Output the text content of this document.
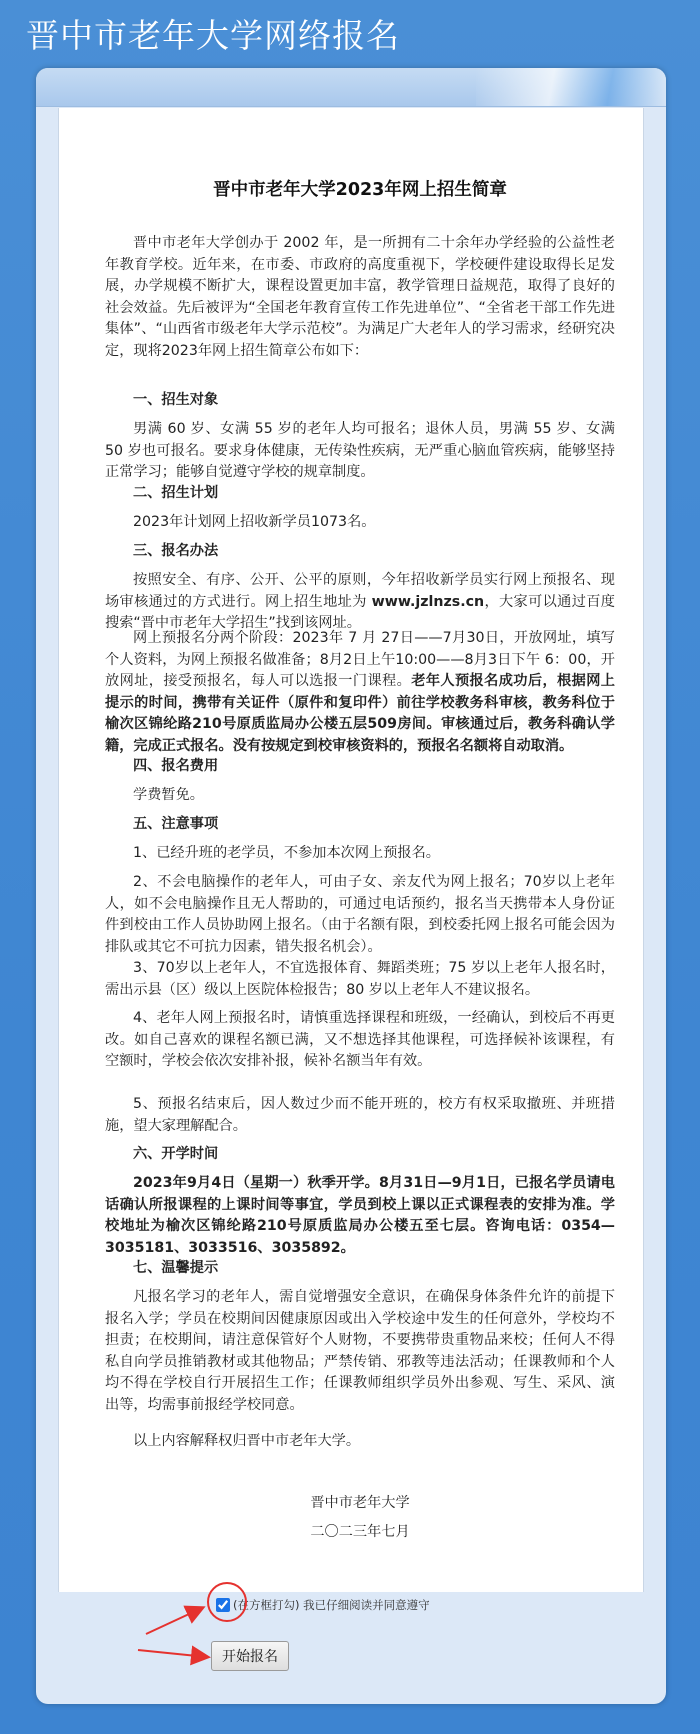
晋中市老年大学网络报名
晋中市老年大学2023年网上招生简章

晋中市老年大学创办于 2002 年，是一所拥有二十余年办学经验的公益性老年教育学校。近年来，在市委、市政府的高度重视下，学校硬件建设取得长足发展，办学规模不断扩大，课程设置更加丰富，教学管理日益规范，取得了良好的社会效益。先后被评为“全国老年教育宣传工作先进单位”、“全省老干部工作先进集体”、“山西省市级老年大学示范校”。为满足广大老年人的学习需求，经研究决定，现将2023年网上招生简章公布如下：

一、招生对象

男满 60 岁、女满 55 岁的老年人均可报名；退休人员，男满 55 岁、女满 50 岁也可报名。要求身体健康，无传染性疾病，无严重心脑血管疾病，能够坚持正常学习；能够自觉遵守学校的规章制度。

二、招生计划

2023年计划网上招收新学员1073名。

三、报名办法

按照安全、有序、公开、公平的原则，今年招收新学员实行网上预报名、现场审核通过的方式进行。网上招生地址为 www.jzlnzs.cn，大家可以通过百度搜索“晋中市老年大学招生”找到该网址。

网上预报名分两个阶段：2023年 7 月 27日——7月30日，开放网址，填写个人资料，为网上预报名做准备；8月2日上午10:00——8月3日下午 6：00，开放网址，接受预报名，每人可以选报一门课程。老年人预报名成功后，根据网上提示的时间，携带有关证件（原件和复印件）前往学校教务科审核，教务科位于榆次区锦纶路210号原质监局办公楼五层509房间。审核通过后，教务科确认学籍，完成正式报名。没有按规定到校审核资料的，预报名名额将自动取消。

四、报名费用

学费暂免。

五、注意事项

1、已经升班的老学员，不参加本次网上预报名。

2、不会电脑操作的老年人，可由子女、亲友代为网上报名；70岁以上老年人，如不会电脑操作且无人帮助的，可通过电话预约，报名当天携带本人身份证件到校由工作人员协助网上报名。（由于名额有限，到校委托网上报名可能会因为排队或其它不可抗力因素，错失报名机会）。

3、70岁以上老年人，不宜选报体育、舞蹈类班；75 岁以上老年人报名时，需出示县（区）级以上医院体检报告；80 岁以上老年人不建议报名。

4、老年人网上预报名时，请慎重选择课程和班级，一经确认，到校后不再更改。如自己喜欢的课程名额已满，又不想选择其他课程，可选择候补该课程，有空额时，学校会依次安排补报，候补名额当年有效。

5、预报名结束后，因人数过少而不能开班的，校方有权采取撤班、并班措施，望大家理解配合。

六、开学时间

2023年9月4日（星期一）秋季开学。8月31日—9月1日，已报名学员请电话确认所报课程的上课时间等事宜，学员到校上课以正式课程表的安排为准。学校地址为榆次区锦纶路210号原质监局办公楼五至七层。咨询电话：0354—3035181、3033516、3035892。

七、温馨提示

凡报名学习的老年人，需自觉增强安全意识，在确保身体条件允许的前提下报名入学；学员在校期间因健康原因或出入学校途中发生的任何意外，学校均不担责；在校期间，请注意保管好个人财物，不要携带贵重物品来校；任何人不得私自向学员推销教材或其他物品；严禁传销、邪教等违法活动；任课教师和个人均不得在学校自行开展招生工作；任课教师组织学员外出参观、写生、采风、演出等，均需事前报经学校同意。

以上内容解释权归晋中市老年大学。

晋中市老年大学

二〇二三年七月

(在方框打勾) 我已仔细阅读并同意遵守
开始报名
